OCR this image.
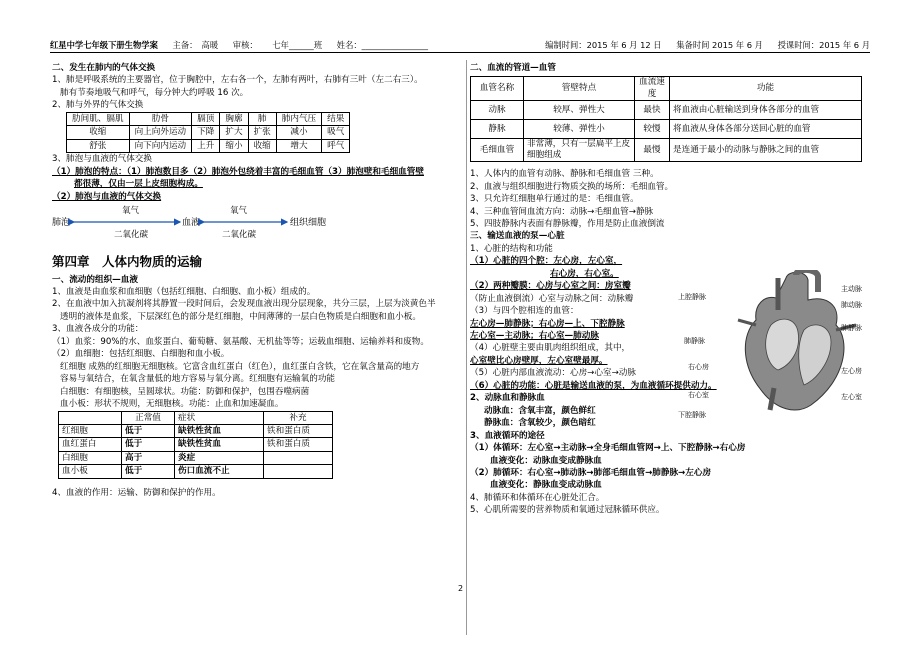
红星中学七年级下册生物学案 主备：　高暖 审核： 七年______班 姓名：________________	编制时间：2015 年 6 月 12 日 集备时间 2015 年 6 月 授课时间：2015 年 6 月
二、发生在肺内的气体交换
1、肺是呼吸系统的主要器官，位于胸腔中，左右各一个，左肺有两叶，右肺有三叶（左二右三）。
肺有节奏地吸气和呼气，每分钟大约呼吸 16 次。
2、肺与外界的气体交换
肋间肌、膈肌	肋骨	膈顶	胸廓	肺	肺内气压	结果
收缩	向上向外运动	下降	扩大	扩张	减小	吸气
舒张	向下向内运动	上升	缩小	收缩	增大	呼气
3、肺泡与血液的气体交换
（1）肺泡的特点：（1）肺泡数目多（2）肺泡外包绕着丰富的毛细血管（3）肺泡壁和毛细血管壁
都很薄，仅由一层上皮细胞构成。
（2）肺泡与血液的气体交换
肺泡
氧气
二氧化碳
血液
氧气
二氧化碳
组织细胞
第四章　人体内物质的运输
一、流动的组织—血液
1、血液是由血浆和血细胞（包括红细胞、白细胞、血小板）组成的。
2、在血液中加入抗凝剂将其静置一段时间后，会发现血液出现分层现象，共分三层，上层为淡黄色半
透明的液体是血浆，下层深红色的部分是红细胞，中间薄薄的一层白色物质是白细胞和血小板。
3、血液各成分的功能：
（1）血浆：90%的水、血浆蛋白、葡萄糖、氨基酸、无机盐等等；运载血细胞、运输养料和废物。
（2）血细胞：包括红细胞、白细胞和血小板。
红细胞 成熟的红细胞无细胞核。它富含血红蛋白（红色），血红蛋白含铁，它在氧含量高的地方
容易与氧结合，在氧含量低的地方容易与氧分离。红细胞有运输氧的功能
白细胞：有细胞核，呈圆球状。功能：防御和保护，包围吞噬病菌
血小板：形状不规则，无细胞核。功能：止血和加速凝血。
	正常值	症状	补充
红细胞	低于	缺铁性贫血	铁和蛋白质
血红蛋白	低于	缺铁性贫血	铁和蛋白质
白细胞	高于	炎症	
血小板	低于	伤口血流不止	
4、血液的作用：运输、防御和保护的作用。
二、血流的管道—血管
血管名称	管壁特点	血流速度	功能
动脉	较厚、弹性大	最快	将血液由心脏输送到身体各部分的血管
静脉	较薄、弹性小	较慢	将血液从身体各部分送回心脏的血管
毛细血管	非常薄，只有一层扁平上皮细胞组成	最慢	是连通于最小的动脉与静脉之间的血管
1、人体内的血管有动脉、静脉和毛细血管 三种。
2、血液与组织细胞进行物质交换的场所：毛细血管。
3、只允许红细胞单行通过的是：毛细血管。
4、三种血管间血流方向：动脉→毛细血管→静脉
5、四肢静脉内表面有静脉瓣，作用是防止血液倒流
三、输送血液的泵—心脏
1、心脏的结构和功能
（1）心脏的四个腔：左心房，左心室，
右心房，右心室。
（2）两种瓣膜：心房与心室之间：房室瓣
（防止血液倒流）心室与动脉之间：动脉瓣
（3）与四个腔相连的血管：
左心房—肺静脉；右心房—上、下腔静脉
左心室—主动脉；右心室—肺动脉
（4）心脏壁主要由肌肉组织组成，其中，
心室壁比心房壁厚，左心室壁最厚。
（5）心脏内部血液流动：心房→心室→动脉
（6）心脏的功能：心脏是输送血液的泵，为血液循环提供动力。
2、动脉血和静脉血
动脉血：含氧丰富，颜色鲜红
静脉血：含氧较少，颜色暗红
3、血液循环的途径
（1）体循环：左心室→主动脉→全身毛细血管网→上、下腔静脉→右心房
血液变化：动脉血变成静脉血
（2）肺循环：右心室→肺动脉→肺部毛细血管→肺静脉→左心房
血液变化：静脉血变成动脉血
4、肺循环和体循环在心脏处汇合。
5、心肌所需要的营养物质和氧通过冠脉循环供应。
主动脉
肺动脉
上腔静脉
肺静脉
肺静脉
右心房	左心房
右心室	左心室
下腔静脉
2
